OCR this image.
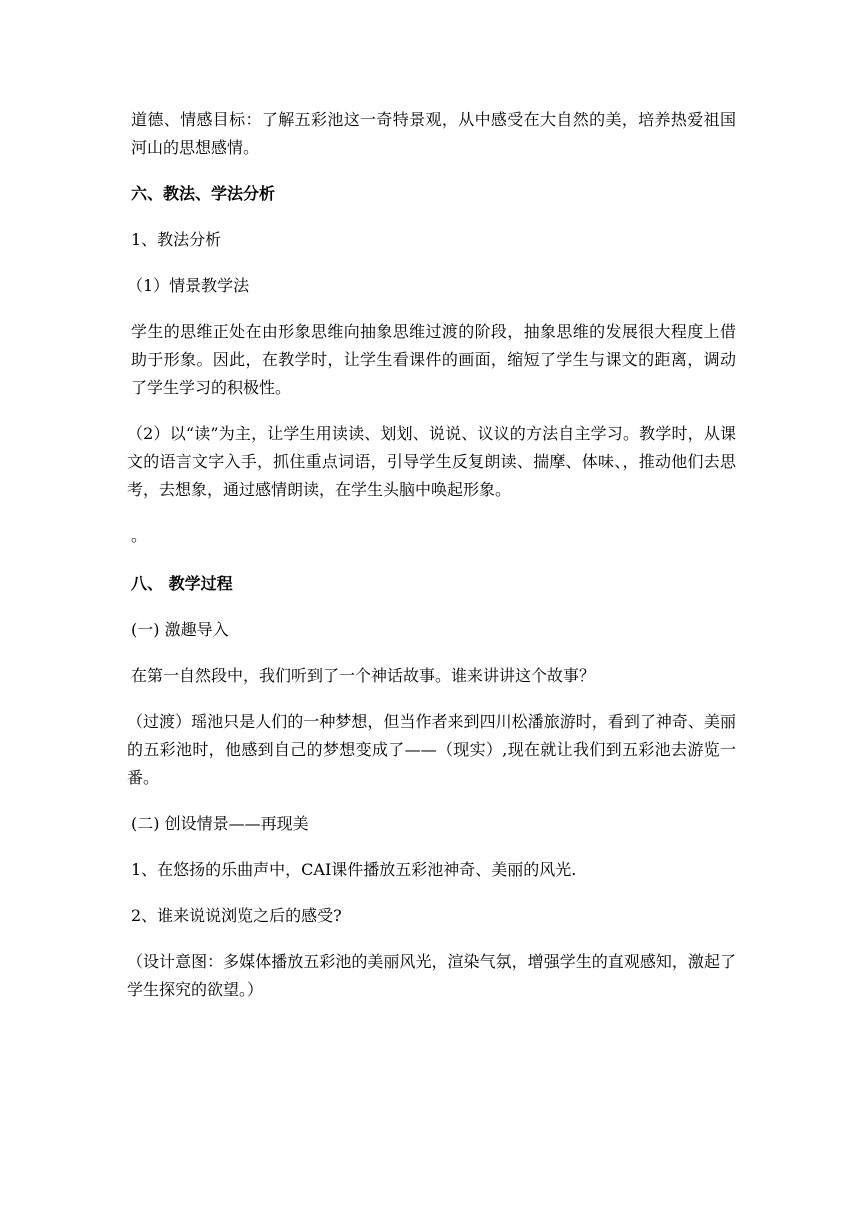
道德、情感目标：了解五彩池这一奇特景观，从中感受在大自然的美，培养热爱祖国河山的思想感情。

六、教法、学法分析

1、教法分析

（1）情景教学法

学生的思维正处在由形象思维向抽象思维过渡的阶段，抽象思维的发展很大程度上借助于形象。因此，在教学时，让学生看课件的画面，缩短了学生与课文的距离，调动了学生学习的积极性。

（2）以“读”为主，让学生用读读、划划、说说、议议的方法自主学习。教学时，从课文的语言文字入手，抓住重点词语，引导学生反复朗读、揣摩、体味、，推动他们去思考，去想象，通过感情朗读，在学生头脑中唤起形象。

。

八、 教学过程

(一) 激趣导入

在第一自然段中，我们听到了一个神话故事。谁来讲讲这个故事？

（过渡）瑶池只是人们的一种梦想，但当作者来到四川松潘旅游时，看到了神奇、美丽的五彩池时，他感到自己的梦想变成了——（现实）,现在就让我们到五彩池去游览一番。

(二) 创设情景——再现美

1、在悠扬的乐曲声中，CAI课件播放五彩池神奇、美丽的风光.

2、谁来说说浏览之后的感受?

（设计意图：多媒体播放五彩池的美丽风光，渲染气氛，增强学生的直观感知，激起了学生探究的欲望。）
